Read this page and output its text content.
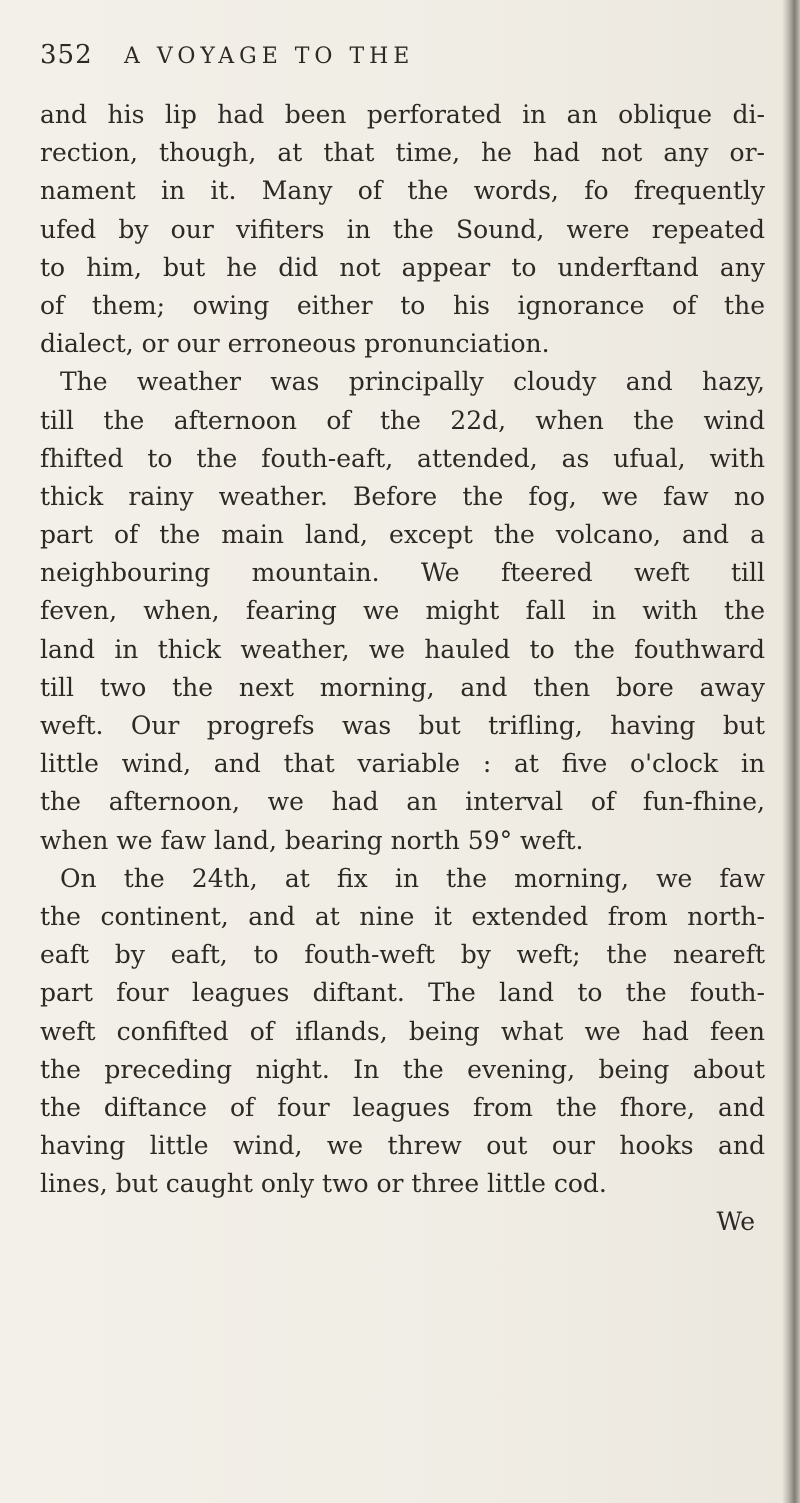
352	A VOYAGE TO THE
and his lip had been perforated in an oblique di-
rection, though, at that time, he had not any or-
nament in it. Many of the words, fo frequently
ufed by our vifiters in the Sound, were repeated
to him, but he did not appear to underftand any
of them; owing either to his ignorance of the
dialect, or our erroneous pronunciation.
The weather was principally cloudy and hazy,
till the afternoon of the 22d, when the wind
fhifted to the fouth-eaft, attended, as ufual, with
thick rainy weather. Before the fog, we faw no
part of the main land, except the volcano, and a
neighbouring mountain. We fteered weft till
feven, when, fearing we might fall in with the
land in thick weather, we hauled to the fouthward
till two the next morning, and then bore away
weft. Our progrefs was but trifling, having but
little wind, and that variable : at five o'clock in
the afternoon, we had an interval of fun-fhine,
when we faw land, bearing north 59° weft.
On the 24th, at fix in the morning, we faw
the continent, and at nine it extended from north-
eaft by eaft, to fouth-weft by weft; the neareft
part four leagues diftant. The land to the fouth-
weft confifted of iflands, being what we had feen
the preceding night. In the evening, being about
the diftance of four leagues from the fhore, and
having little wind, we threw out our hooks and
lines, but caught only two or three little cod.
We
